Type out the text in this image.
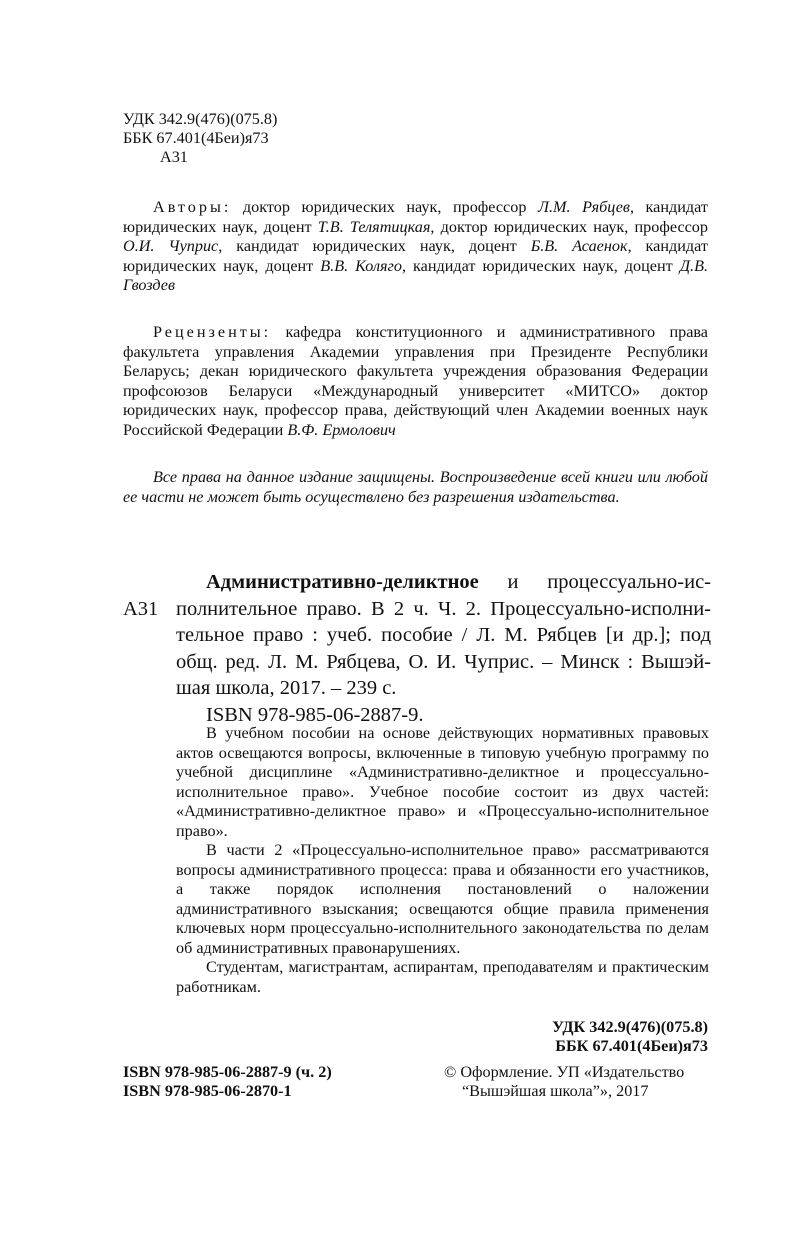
УДК 342.9(476)(075.8)
ББК 67.401(4Беи)я73
А31
Авторы: доктор юридических наук, профессор Л.М. Рябцев, кандидат юридических наук, доцент Т.В. Телятицкая, доктор юридических наук, профессор О.И. Чуприс, кандидат юридических наук, доцент Б.В. Асаенок, кандидат юридических наук, доцент В.В. Коляго, кандидат юридических наук, доцент Д.В. Гвоздев
Рецензенты: кафедра конституционного и административного права факультета управления Академии управления при Президенте Республики Беларусь; декан юридического факультета учреждения образования Федерации профсоюзов Беларуси «Международный университет «МИТСО» доктор юридических наук, профессор права, действующий член Академии военных наук Российской Федерации В.Ф. Ермолович
Все права на данное издание защищены. Воспроизведение всей книги или любой ее части не может быть осуществлено без разрешения издательства.
А31
Административно-деликтное и процессуально-ис-
полнительное право. В 2 ч. Ч. 2. Процессуально-исполни-
тельное право : учеб. пособие / Л. М. Рябцев [и др.]; под
общ. ред. Л. М. Рябцева, О. И. Чуприс. – Минск : Вышэй-
шая школа, 2017. – 239 с.
ISBN 978-985-06-2887-9.

В учебном пособии на основе действующих нормативных правовых актов освещаются вопросы, включенные в типовую учебную программу по учебной дисциплине «Административно-деликтное и процессуально-исполнительное право». Учебное пособие состоит из двух частей: «Административно-деликтное право» и «Процессуально-исполнительное право».

В части 2 «Процессуально-исполнительное право» рассматриваются вопросы административного процесса: права и обязанности его участников, а также порядок исполнения постановлений о наложении административного взыскания; освещаются общие правила применения ключевых норм процессуально-исполнительного законодательства по делам об административных правонарушениях.

Студентам, магистрантам, аспирантам, преподавателям и практическим работникам.

УДК 342.9(476)(075.8)
ББК 67.401(4Беи)я73
ISBN 978-985-06-2887-9 (ч. 2)
ISBN 978-985-06-2870-1
© Оформление. УП «Издательство
“Вышэйшая школа”», 2017
